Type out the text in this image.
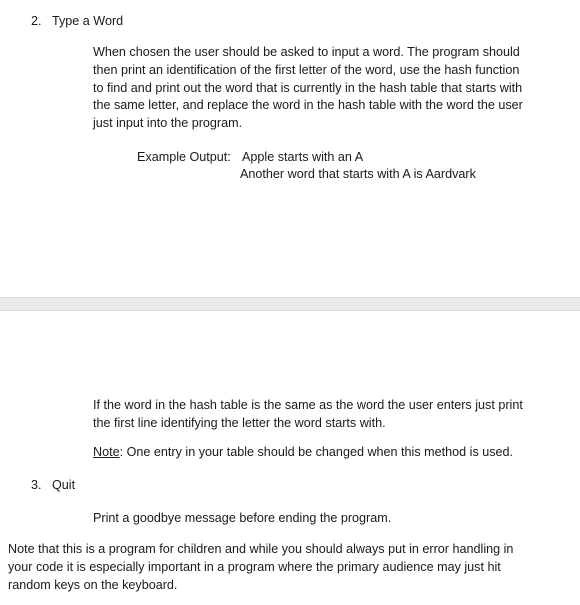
2. Type a Word
When chosen the user should be asked to input a word. The program should
then print an identification of the first letter of the word, use the hash function
to find and print out the word that is currently in the hash table that starts with
the same letter, and replace the word in the hash table with the word the user
just input into the program.
Example Output: Apple starts with an A
Another word that starts with A is Aardvark
If the word in the hash table is the same as the word the user enters just print
the first line identifying the letter the word starts with.
Note: One entry in your table should be changed when this method is used.
3. Quit
Print a goodbye message before ending the program.
Note that this is a program for children and while you should always put in error handling in
your code it is especially important in a program where the primary audience may just hit
random keys on the keyboard.
